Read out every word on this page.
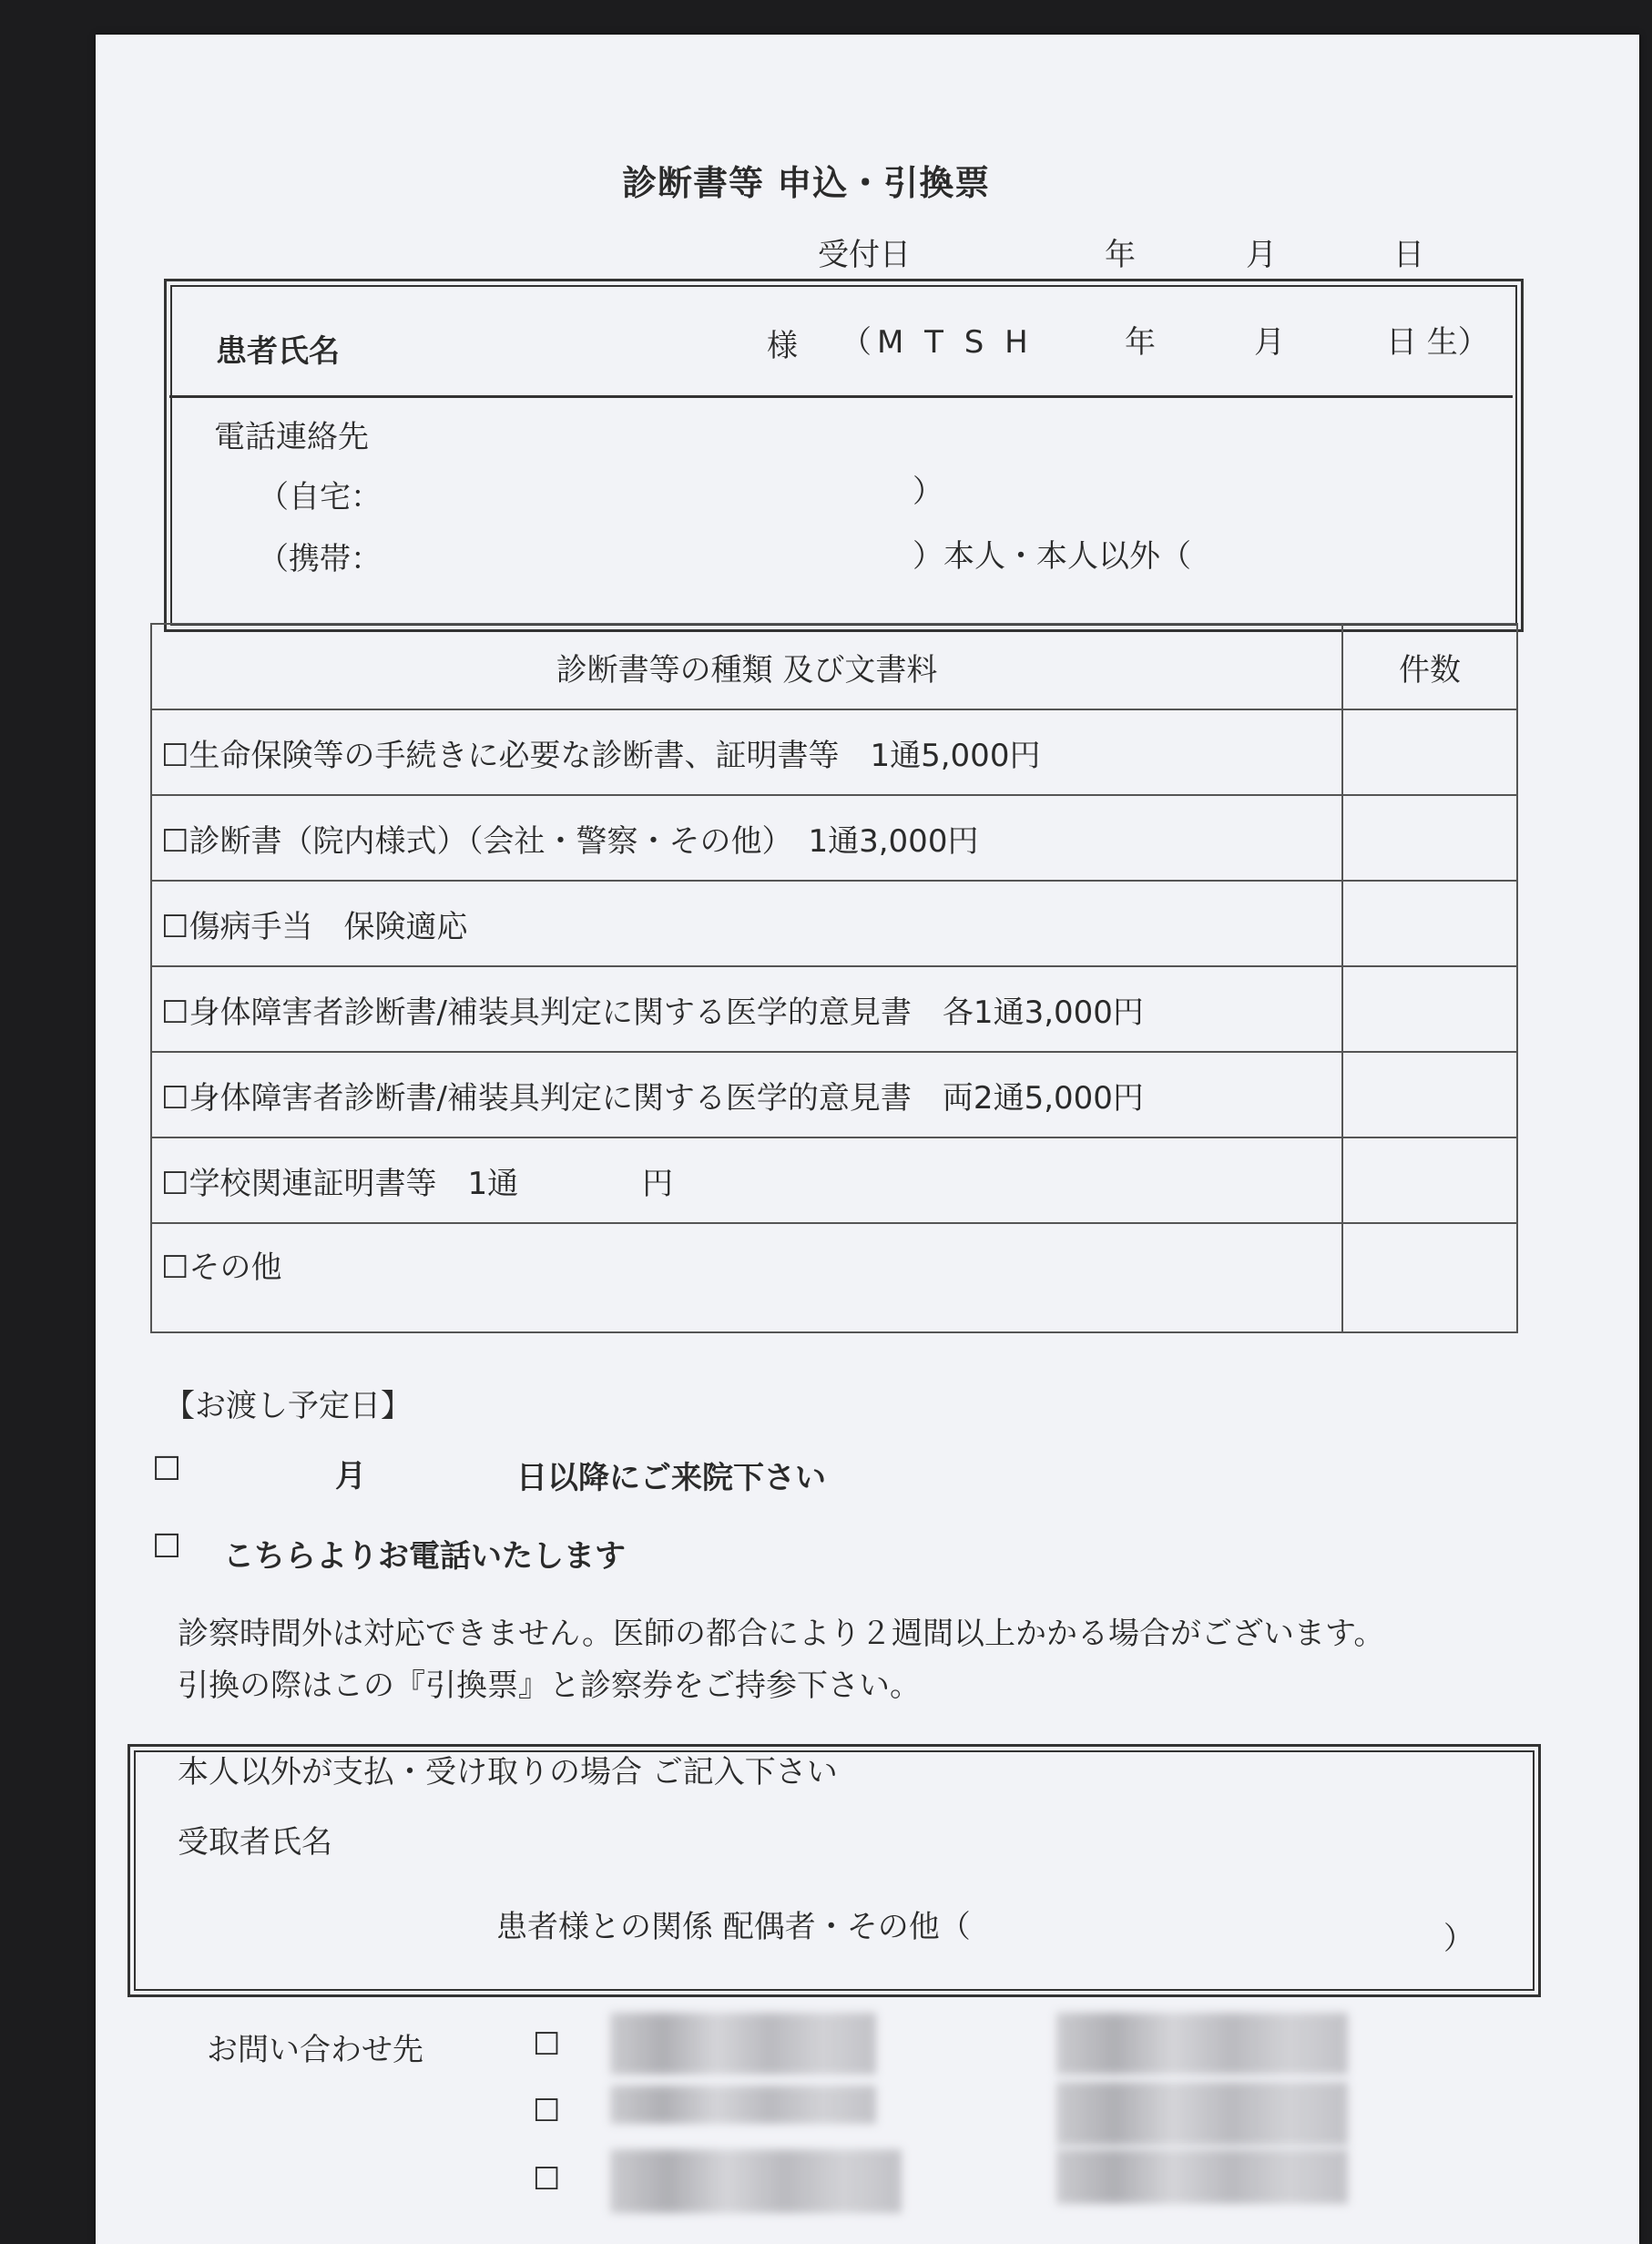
診断書等 申込・引換票
受付日	年	月	日
患者氏名	様 （M T S H	年	月	日 生）
電話連絡先
（自宅：	）
（携帯：	）本人・本人以外（
診断書等の種類 及び文書料	件数
☐生命保険等の手続きに必要な診断書、証明書等　1通5,000円	
☐診断書（院内様式）（会社・警察・その他）　1通3,000円	
☐傷病手当　保険適応	
☐身体障害者診断書/補装具判定に関する医学的意見書　各1通3,000円	
☐身体障害者診断書/補装具判定に関する医学的意見書　両2通5,000円	
☐学校関連証明書等　1通　　　　円	
☐その他	
【お渡し予定日】
☐	月	日以降にご来院下さい
☐ こちらよりお電話いたします
診察時間外は対応できません。医師の都合により２週間以上かかる場合がございます。
引換の際はこの『引換票』と診察券をご持参下さい。
本人以外が支払・受け取りの場合 ご記入下さい
受取者氏名
患者様との関係 配偶者・その他（	）
お問い合わせ先	☐
☐
☐
